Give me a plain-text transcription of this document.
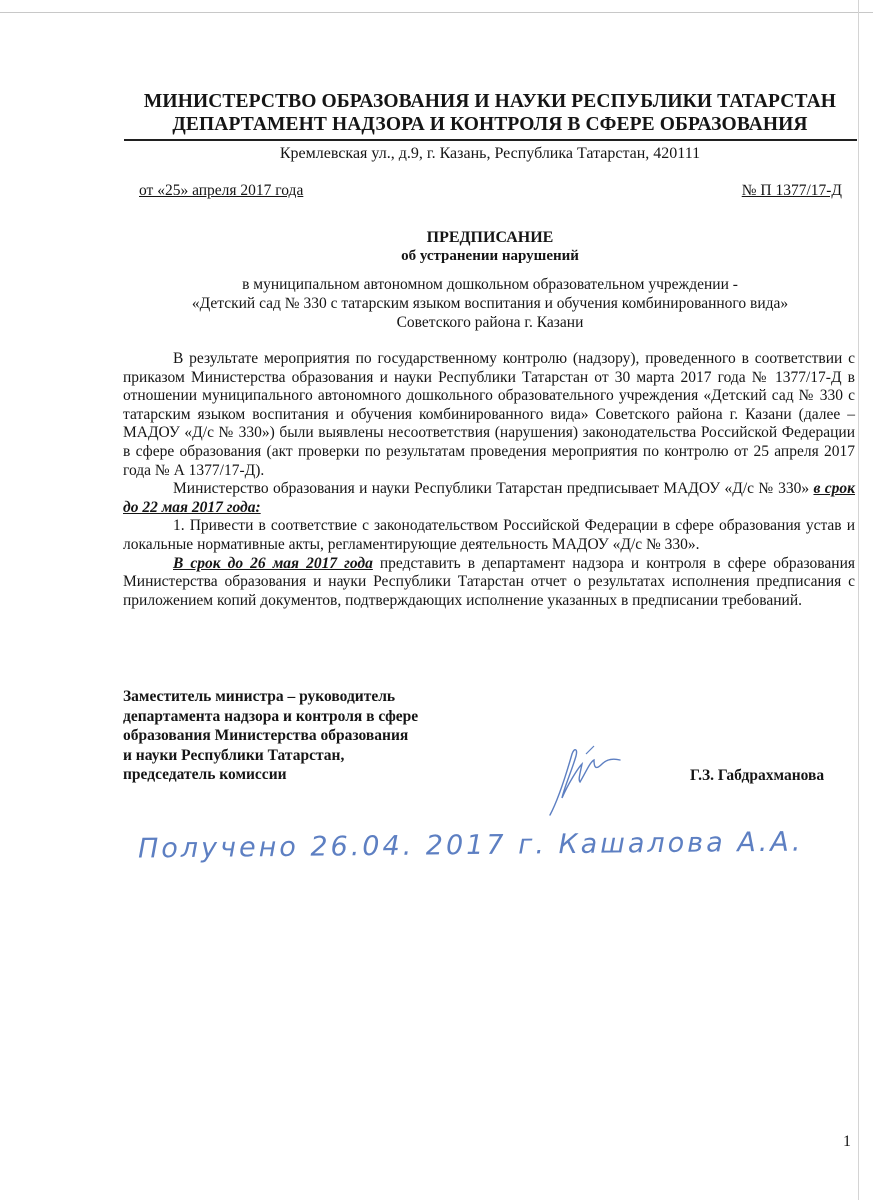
МИНИСТЕРСТВО ОБРАЗОВАНИЯ И НАУКИ РЕСПУБЛИКИ ТАТАРСТАН
ДЕПАРТАМЕНТ НАДЗОРА И КОНТРОЛЯ В СФЕРЕ ОБРАЗОВАНИЯ
Кремлевская ул., д.9, г. Казань, Республика Татарстан, 420111
от «25» апреля 2017 года	№ П 1377/17-Д
ПРЕДПИСАНИЕ
об устранении нарушений
в муниципальном автономном дошкольном образовательном учреждении -
«Детский сад № 330 с татарским языком воспитания и обучения комбинированного вида»
Советского района г. Казани

В результате мероприятия по государственному контролю (надзору), проведенного в соответствии с приказом Министерства образования и науки Республики Татарстан от 30 марта 2017 года № 1377/17-Д в отношении муниципального автономного дошкольного образовательного учреждения «Детский сад № 330 с татарским языком воспитания и обучения комбинированного вида» Советского района г. Казани (далее – МАДОУ «Д/с № 330») были выявлены несоответствия (нарушения) законодательства Российской Федерации в сфере образования (акт проверки по результатам проведения мероприятия по контролю от 25 апреля 2017 года № А 1377/17-Д).

Министерство образования и науки Республики Татарстан предписывает МАДОУ «Д/с № 330» в срок до 22 мая 2017 года:

1. Привести в соответствие с законодательством Российской Федерации в сфере образования устав и локальные нормативные акты, регламентирующие деятельность МАДОУ «Д/с № 330».

В срок до 26 мая 2017 года представить в департамент надзора и контроля в сфере образования Министерства образования и науки Республики Татарстан отчет о результатах исполнения предписания с приложением копий документов, подтверждающих исполнение указанных в предписании требований.

Заместитель министра – руководитель
департамента надзора и контроля в сфере
образования Министерства образования
и науки Республики Татарстан,
председатель комиссии	Г.З. Габдрахманова
Получено 26.04. 2017 г. Кашалова А.А.
1
